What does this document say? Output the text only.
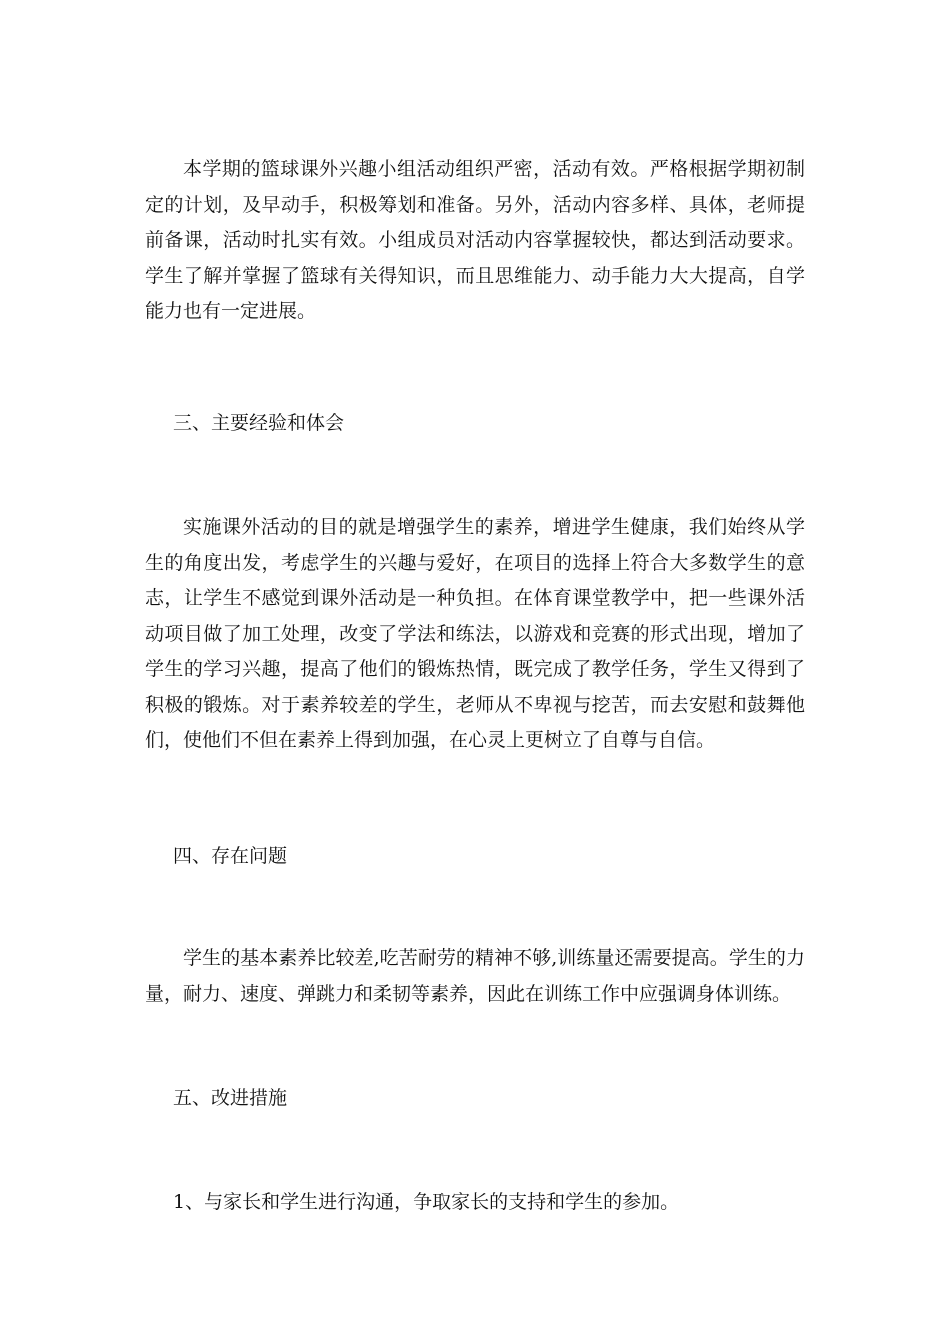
本学期的篮球课外兴趣小组活动组织严密，活动有效。严格根据学期初制定的计划，及早动手，积极筹划和准备。另外，活动内容多样、具体，老师提前备课，活动时扎实有效。小组成员对活动内容掌握较快，都达到活动要求。学生了解并掌握了篮球有关得知识，而且思维能力、动手能力大大提高，自学能力也有一定进展。

三、主要经验和体会

实施课外活动的目的就是增强学生的素养，增进学生健康，我们始终从学生的角度出发，考虑学生的兴趣与爱好，在项目的选择上符合大多数学生的意志，让学生不感觉到课外活动是一种负担。在体育课堂教学中，把一些课外活动项目做了加工处理，改变了学法和练法，以游戏和竞赛的形式出现，增加了学生的学习兴趣，提高了他们的锻炼热情，既完成了教学任务，学生又得到了积极的锻炼。对于素养较差的学生，老师从不卑视与挖苦，而去安慰和鼓舞他们，使他们不但在素养上得到加强，在心灵上更树立了自尊与自信。

四、存在问题

学生的基本素养比较差,吃苦耐劳的精神不够,训练量还需要提高。学生的力量，耐力、速度、弹跳力和柔韧等素养，因此在训练工作中应强调身体训练。

五、改进措施

1、与家长和学生进行沟通，争取家长的支持和学生的参加。
